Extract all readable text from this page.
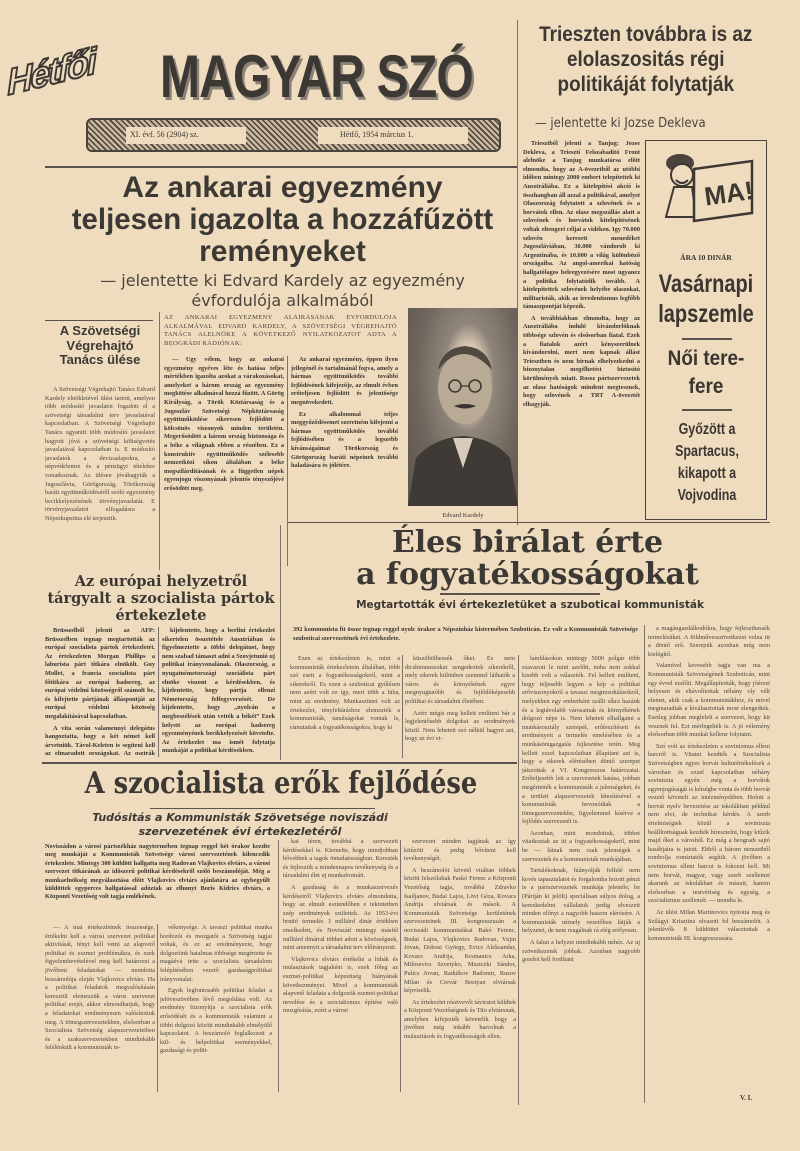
Hétfői MAGYAR SZÓ
XI. évf. 56 (2904) sz.	Hétfő, 1954 március 1.
Az ankarai egyezmény
teljesen igazolta a hozzáfűzött
reményeket
— jelentette ki Edvard Kardely az egyezmény évfordulója alkalmából
Trieszten továbbra is az elolaszositás régi politikáját folytatják
— jelentette ki Jozse Dekleva

Triesztből jelenti a Tanjug: Jozse Dekleva, a Triesztí Felszabadító Front alelnöke a Tanjug munkatársa előtt elmondta, hogy az A-övezetből az utóbbi időben mintegy 2000 embert telepítettek ki Ausztráliába. Ez a kitelepítési akció is összhangban áll azzal a politikával, amelyet Olaszország folytatott a szlovének és a horvátok ellen. Az olasz megszállás alatt a szlovének és horvátok kitelepítésének voltak eltengeri céljai a vidéken. Igy 70.000 szlovén keresett menedéket Jugoszláviában, 30.000 vándorolt ki Argentínába, és 10.000 a világ különböző országaiba. Az angol-amerikai hatóság hallgatólagos beleegyezésére most ugyanez a politika folytatódik tovább. A kitelepítettek szlovének helyébe olaszokat, militaristák, akik az irredentizmus legfőbb támaszpontját képezik.

A továbbiakban elmondta, hogy az Ausztráliába induló kivándorlóknak többsége szlovén és elsősorban fiatal. Ezek a fiatalok azért kényszerülnek kivándorolni, mert nem kapnak állást Triesztben és nem bírnak elhelyezkedni a bizonytalan megélhetést biztosító körülmények miatt. Rossz pártszervezetek az olasz hatóságok mindent megtesznek, hogy szlovének a TRT A-övezetét elhagyják.

MA!
ÁRA 10 DINÁR
Vasárnapi lapszemle
Női tere-fere
Győzött a Spartacus, kikapott a Vojvodina
A Szövetségi Végrehajtó Tanács ülése

A Szövetségi Végrehajtó Tanács Edvard Kardely elnökletével ülést tartott, amelyen több módosító javaslatot fogadott el a szövetségi társadalmi terv javaslatával kapcsolatban. A Szövetségi Végrehajtó Tanács ugyanitt több módosító javaslatot hagyott jóvá a szövetségi költségvetés javaslatával kapcsolatban is. E módosító javaslatok a devizaalapokra, a népvédelemre és a pénzügyi tételekre vonatkoznak. Az ülésen jóváhagyták a Jugoszlávia, Görögország, Törökország baráti együttműködéséről szóló egyezmény becikkelyezésének törvényjavaslatát. E törvényjavaslatot elfogadásra a Népszkupstina elé terjesztik.

AZ ANKARAI EGYEZMÉNY ALÁÍRÁSÁNAK ÉVFORDULÓJA ALKALMÁVAL EDVARD KARDELY, A SZÖVETSÉGI VÉGREHAJTÓ TANÁCS ALELNÖKE A KÖVETKEZŐ NYILATKOZATOT ADTA A BEOGRÁDI RÁDIÓNAK:

— Ugy vélem, hogy az ankarai egyezmény egyéves léte és hatása teljes mértékben igazolta azokat a várakozásokat, amelyeket a három ország az egyezmény megkötése alkalmával hozzá fűzött. A Görög Királyság, a Török Köztársaság és a Jugoszláv Szövetségi Népköztársaság együttműködése sikeresen fejlődött a kölcsönös viszonyok minden területén. Megerősödött a három ország biztonsága és a béke a világnak ebben a részében. Ez a konstruktív együttműködés szélesebb nemzetközi síkon általában a béke megszilárdításának és a független népek egyenjogu viszonyának jelentős tényezőjévé erősödött meg.

Az ankarai egyezmény, éppen ilyen jellegénél és tartalmánál fogva, amely a hármas együttműködés további fejlődésének kifejezője, az elmult évben erőteljesen fejlődött és jelentősége megnövekedett.

Ez alkalommal teljes meggyőződésemet szeretném kifejezni a hármas együttműködés további fejlődésében és a legszebb kívánságaimat Törökország és Görögország baráti népeinek további haladására és jólétére.

Edvard Kardely
Éles birálat érte
a fogyatékosságokat
Megtartották évi értekezletüket a szuboticai kommunisták
392 kommunista fit össze tegnap reggel nyolc órakor a Népszínház kistermében Szuboticán. Ez volt a Kommunisták Szövetsége szuboticai szervezetének évi értekezlete.

Ezen az értekezleten is, mint a kommunisták értekezletein általában, több szó esett a fogyatékosságokról, mint a sikerekről. Es ezen a szuboticai gyűlésen nem azért volt ez így, mert több a hiba, mint az eredmény. Munkaszünet volt az értekezlet, tényfeltáráshoz elemezték a kommunisták, tanulságokat vontak le, rámutattak a fogyatékosságokra, hogy ki

küszöbölhessék őket. És nem dicshimnuszokat zengedeztek sikerekről, mely sikerek különben szemmel láthatók a város és környékének egyre megnyugtatóbb és fejlődőképesebb politikai és társadalmi életében.

Azért mégis meg kellett említeni bár a legjelentősebb dolgokat az eredmények közül. Nem lehetett szó nélkül hagyni azt, hogy az évi vi-

lamblásokon mintegy 5000 polgár több szavazott le mint azelőtt, noha nem sokkal kisebb volt a választók. Fel kellett említeni, hogy teljesebb legyen a kép a politikai erőviszonyokról a tavaszi megmozdulásokról, melyekben egy emberként szállt síkra hazánk és a legtávolabb városainak és környékének dolgozó népe is. Nem lehetett elhallgatni a munkásosztály szerepét, erőfeszítéseit és eredményeit a termelés emelésében és a munkásönigazgatás fejlesztése terén. Meg kellett ezzel kapcsolatban állapítani azt is, hogy a sikerek elérésében döntő szerepet játszottak a VI. Kongresszus határozatai. Erőteljesebb lett a szervezetek hatása, jobban megértették a kommunisták a jelenségeket, és a területi alapszervezetek létesítésével a kommunisták bevonódtak a tömegszervezetekbe, figyelemmel kísérve a fejlődés szervezetét is.

Azonban, mint mondottuk, többet vitatkoztak az itt a fogyatékosságokról, mint be — látnak nem csak jelenségek a szervezetek és a kommunisták munkájában.

Tartalékoknak, hiányolják felfelé nem kevés tapasztalatot és forgalomba hozott pénzt is a pártszervezetek munkája jelentős; be (Pártján ki jelölt) speciálisan súlyos dolog, a kereskedelmi vállalatok pedig elveszett minden előnyt a nagyobb haszon elérésére. A kommunisták némely vezetőben látják a helyzetet, de nem reagálnak rá elég erélyesen.

A falun a helyzet mindinkább nehéz. Az uj szövetkezetek jobbak. Azonban nagyobb gondot kell fordítani

a magángazdálkodókra, hogy fejleszthessék termelésüket. A földművesszövetkezet volna itt a döntő erő. Szerepük azonban még nem kielégítő.

Valamivel kevesebb tagja van ma a Kommunisták Szövetségének Szuboticán, mint egy évvel ezelőtt. Megállapították, hogy jóérzet helyesen és eltávolítottak néhány oly vélt elemet, akik csak a kommunistákhoz, és mivel megmaradtak a kiválasztottak most elengedtek. Esetleg jobban megfelelt a szervezet, hogy kit vesznek fel. Ezt mérlegelték is. A jó vélemény elsősorban több munkát kellene folytatni.

Szó volt az értekezleten a sovinizmus elleni harcról is. Vitatni kezdték a Szocialista Szövetségben egyes horvát kulturértékelések a városban és ezzel kapcsolatban néhány soviniszta egyén még a horvátok egyenjogúságát is kétségbe vonta és több horvát vezető követelt az intézményekben. Holott a horvát nyelv bevezetése az iskolákban például nem elvi, de technikai kérdés. A szerb értelmiségiek közül a soviniszta beállítottságuak kezdték híresztelni, hogy kiűzik majd őket a városból. Ez még a beogradi sajtó hasábjaira is jutott. Ebből a három nemzetből rombolja romiztatók segítik. A jövőben a sovinizmus elleni harcot is fokozni kell. Mi nem horvát, magyar, vagy szerb szellemet akarunk az iskolákban és másutt, hanem elsősorban a testvériség és egység, a szocializmus szellemét. — mondta le.

Az ülést Milan Martinovics nyitotta meg és Szilágyi Krisztina olvasott fel beszámolót. A jelenlévők 8 küldöttet választottak a kommunisták III. kongresszusára.

V. I.
Az európai helyzetről tárgyalt a szocialista pártok értekezlete

Brüsszelből jelenti az AFP: Brüsszelben tegnap megtartották az európai szocialista pártok értekezletét. Az értekezleten Morgan Phillips a laburista párt titkára elnökölt. Guy Mollet, a francia szocialista párt főtitkára az európai hadsereg, az európai védelmi közösségről számolt be, és kifejtette pártjának álláspontját az európai védelmi közösség megalakításával kapcsolatban.

A vita során valamennyi delegátus hangoztatta, hogy a két német kell árvetniük. Távol-Keleten is segíteni kell az elmaradott országokat. Az osztrák

kijelentette, hogy a berlini értekezlet sikertelen összetétele Ausztriában és figyelmeztette a többi delegátust, hogy nem szabad támaszt adni a Szovjetunió uj politikai irányvonalának. Olaszország, a nyugatnémetországi szociálista párt elnöke viszont a kérdésekben, és kijelentette, hogy pártja ellenzi Németország felfegyverzését. De kijelentette, hogy „nyolcán a megbeszélések után vették a békét” Ezek helyett az európai hadsereg egyezményének becikkelyezését követelte. Az értekezlet ma ismét folytatja munkáját a politikai kérdésekben.

A szocialista erők fejlődése
Tudósitás a Kommunisták Szövetsége noviszádi szervezetének évi értekezletéről
Noviszádon a városi pártszékház nagytermében tegnap reggel hét órakor kezdte meg munkáját a Kommunisták Szövetsége városi szervezetének kilencedik értekezlete. Mintegy 300 küldött hallgatta meg Radovan Vlajkovics elvtárs, a városi szervezet titkárának az időszerű politikai kérdésekről szóló beszámolóját. Még a munkaelnökség megválasztása előtt Vlajkovics elvtárs ajánlatára az egybegyűlt küldöttek egyperces hallgatással adóztak az elhunyt Boris Kidrics elvtárs, a Központi Vezetőség volt tagja emlékének.

— A mai értekezletnek összessége, értékelni kell a városi szervezet politikai aktivitását, fényt kell vetni az alapvető politikai és eszmei problémákra, és ezek figyelembevételével meg kell határozni a jövőbeni feladatokat — mondotta beszámolója elején Vlajkovics elvtárs. Ha a politikai feladatok megvalósításán keresztül elemezzük a város szervezet politikai erejét, akkor elmondhatjuk, hogy a feladatokat eredményesen valósítottuk meg. A tömegszervezetekben, elsősorban a Szocialista Szövetség alapszervezeteiben és a szakszervezetekben mindinkább felélénkült a kommunisták te-

vékenysége. A tavaszi politikai munka hordozói és mozgatói a Szövetség tagjai voltak, és ez az eredményezte, hogy dolgozóink hatalmas többsége megértette és magáévá tette a szocialista társadalom felépítésében vezető gazdaságpolitikai irányvonalat.

Egyik legfontosabb politikai feladat a jelöveszövében lévő megoldása volt. Az eredmény bizonyítja a szocialista erők erősödését és a kommunisták valamint a többi dolgozó között mindinkább elmélyülő kapcsolatot. A beszámoló foglalkozott a kül- és belpolitikai eseményekkel, gazdasági és politi-

kai téren, továbbá a szervezeti kérdésekkel is. Kiemelte, hogy mindjobban bővebbek a tagok öntudatosságban. Kerestek és fejlesztik a mindennapos tevékenység és a társadalmi élet uj munkaformáit.

A gazdaság és a munkaszervezés kérdéseiről Vlajkovics elvtárs elmondotta, hogy az elmult esztendőben e tekintetben szép eredmények születtek. Az 1953-évi bruttó termelés 3 milliárd dinár értékben emelkedett, és Noviszád mintegy másfél milliárd dinárral többet adott a közösségnek, mint amennyit a társadalmi terv előirányzott.

Vlajkovics elvtárs értékelte a hibák és mulasztások tagjaként is, ezek főleg az eszmei-politikai képzettség hiányának következményei. Mivel a kommunisták alapvető feladata a dolgozók eszmei-politikai nevelése és a szocializmus építése való mozgósítás, ezért a városi

szervezet minden tagjának az így kitűzött és pedig bővíteni kell tevékenységét.

A beszámolót követő vitában többek között felszólaltak Paskó Ferenc a Központi Vezetőség tagja, továbbá Zdravko Isailjanov, Budai Lajos, Lövi Géza, Kovacs Andrija elvtársak és mások. A Kommunisták Szövetsége kerületének szervezeteinek III. kongresszusán a noviszádi kommunistákat Bakó Ferenc, Budai Lajos, Vlajkovics Radovan, Vujin Jovan, Dobosi György, Evics Aleksandar, Kovacs Andrija, Krsmanics Arka, Milosevics Szvetyko, Musiczki Sándor, Pulics Jovan, Radulkov Radomir, Rusov Milan és Crevár Bostyan elvtársak képviselik.

Az értekezlet résztvevői táviratot küldtek a Központi Vezetőségnek és Tito elvtársnak, amelyben kifejezték követelik hogy a jövőben még inkább harcolnak a mulasztások és fogyatékosságok ellen.
